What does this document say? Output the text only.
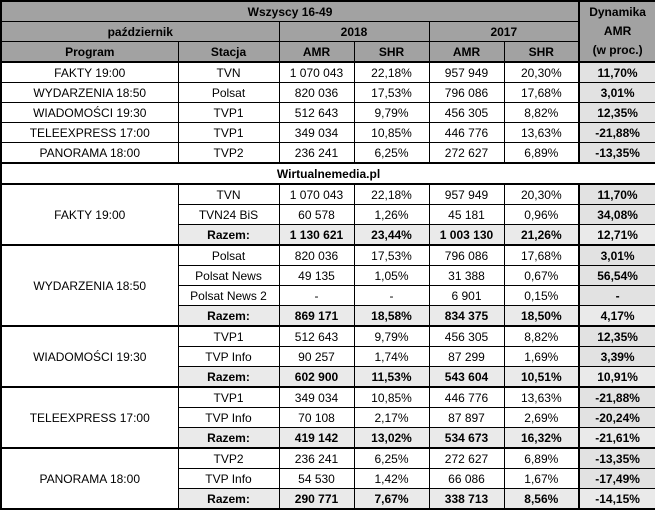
Wszyscy 16-49						Dynamika
AMR
(w proc.)

październik		2018		2017		
Program	Stacja	AMR	SHR	AMR	SHR	
FAKTY 19:00	TVN	1 070 043	22,18%	957 949	20,30%	11,70%
WYDARZENIA 18:50	Polsat	820 036	17,53%	796 086	17,68%	3,01%
WIADOMOŚCI 19:30	TVP1	512 643	9,79%	456 305	8,82%	12,35%
TELEEXPRESS 17:00	TVP1	349 034	10,85%	446 776	13,63%	-21,88%
PANORAMA 18:00	TVP2	236 241	6,25%	272 627	6,89%	-13,35%
Wirtualnemedia.pl						
FAKTY 19:00	TVN	1 070 043	22,18%	957 949	20,30%	11,70%
	TVN24 BiS	60 578	1,26%	45 181	0,96%	34,08%
	Razem:	1 130 621	23,44%	1 003 130	21,26%	12,71%
WYDARZENIA 18:50	Polsat	820 036	17,53%	796 086	17,68%	3,01%
	Polsat News	49 135	1,05%	31 388	0,67%	56,54%
	Polsat News 2	-	-	6 901	0,15%	-
	Razem:	869 171	18,58%	834 375	18,50%	4,17%
WIADOMOŚCI 19:30	TVP1	512 643	9,79%	456 305	8,82%	12,35%
	TVP Info	90 257	1,74%	87 299	1,69%	3,39%
	Razem:	602 900	11,53%	543 604	10,51%	10,91%
TELEEXPRESS 17:00	TVP1	349 034	10,85%	446 776	13,63%	-21,88%
	TVP Info	70 108	2,17%	87 897	2,69%	-20,24%
	Razem:	419 142	13,02%	534 673	16,32%	-21,61%
PANORAMA 18:00	TVP2	236 241	6,25%	272 627	6,89%	-13,35%
	TVP Info	54 530	1,42%	66 086	1,67%	-17,49%
	Razem:	290 771	7,67%	338 713	8,56%	-14,15%
